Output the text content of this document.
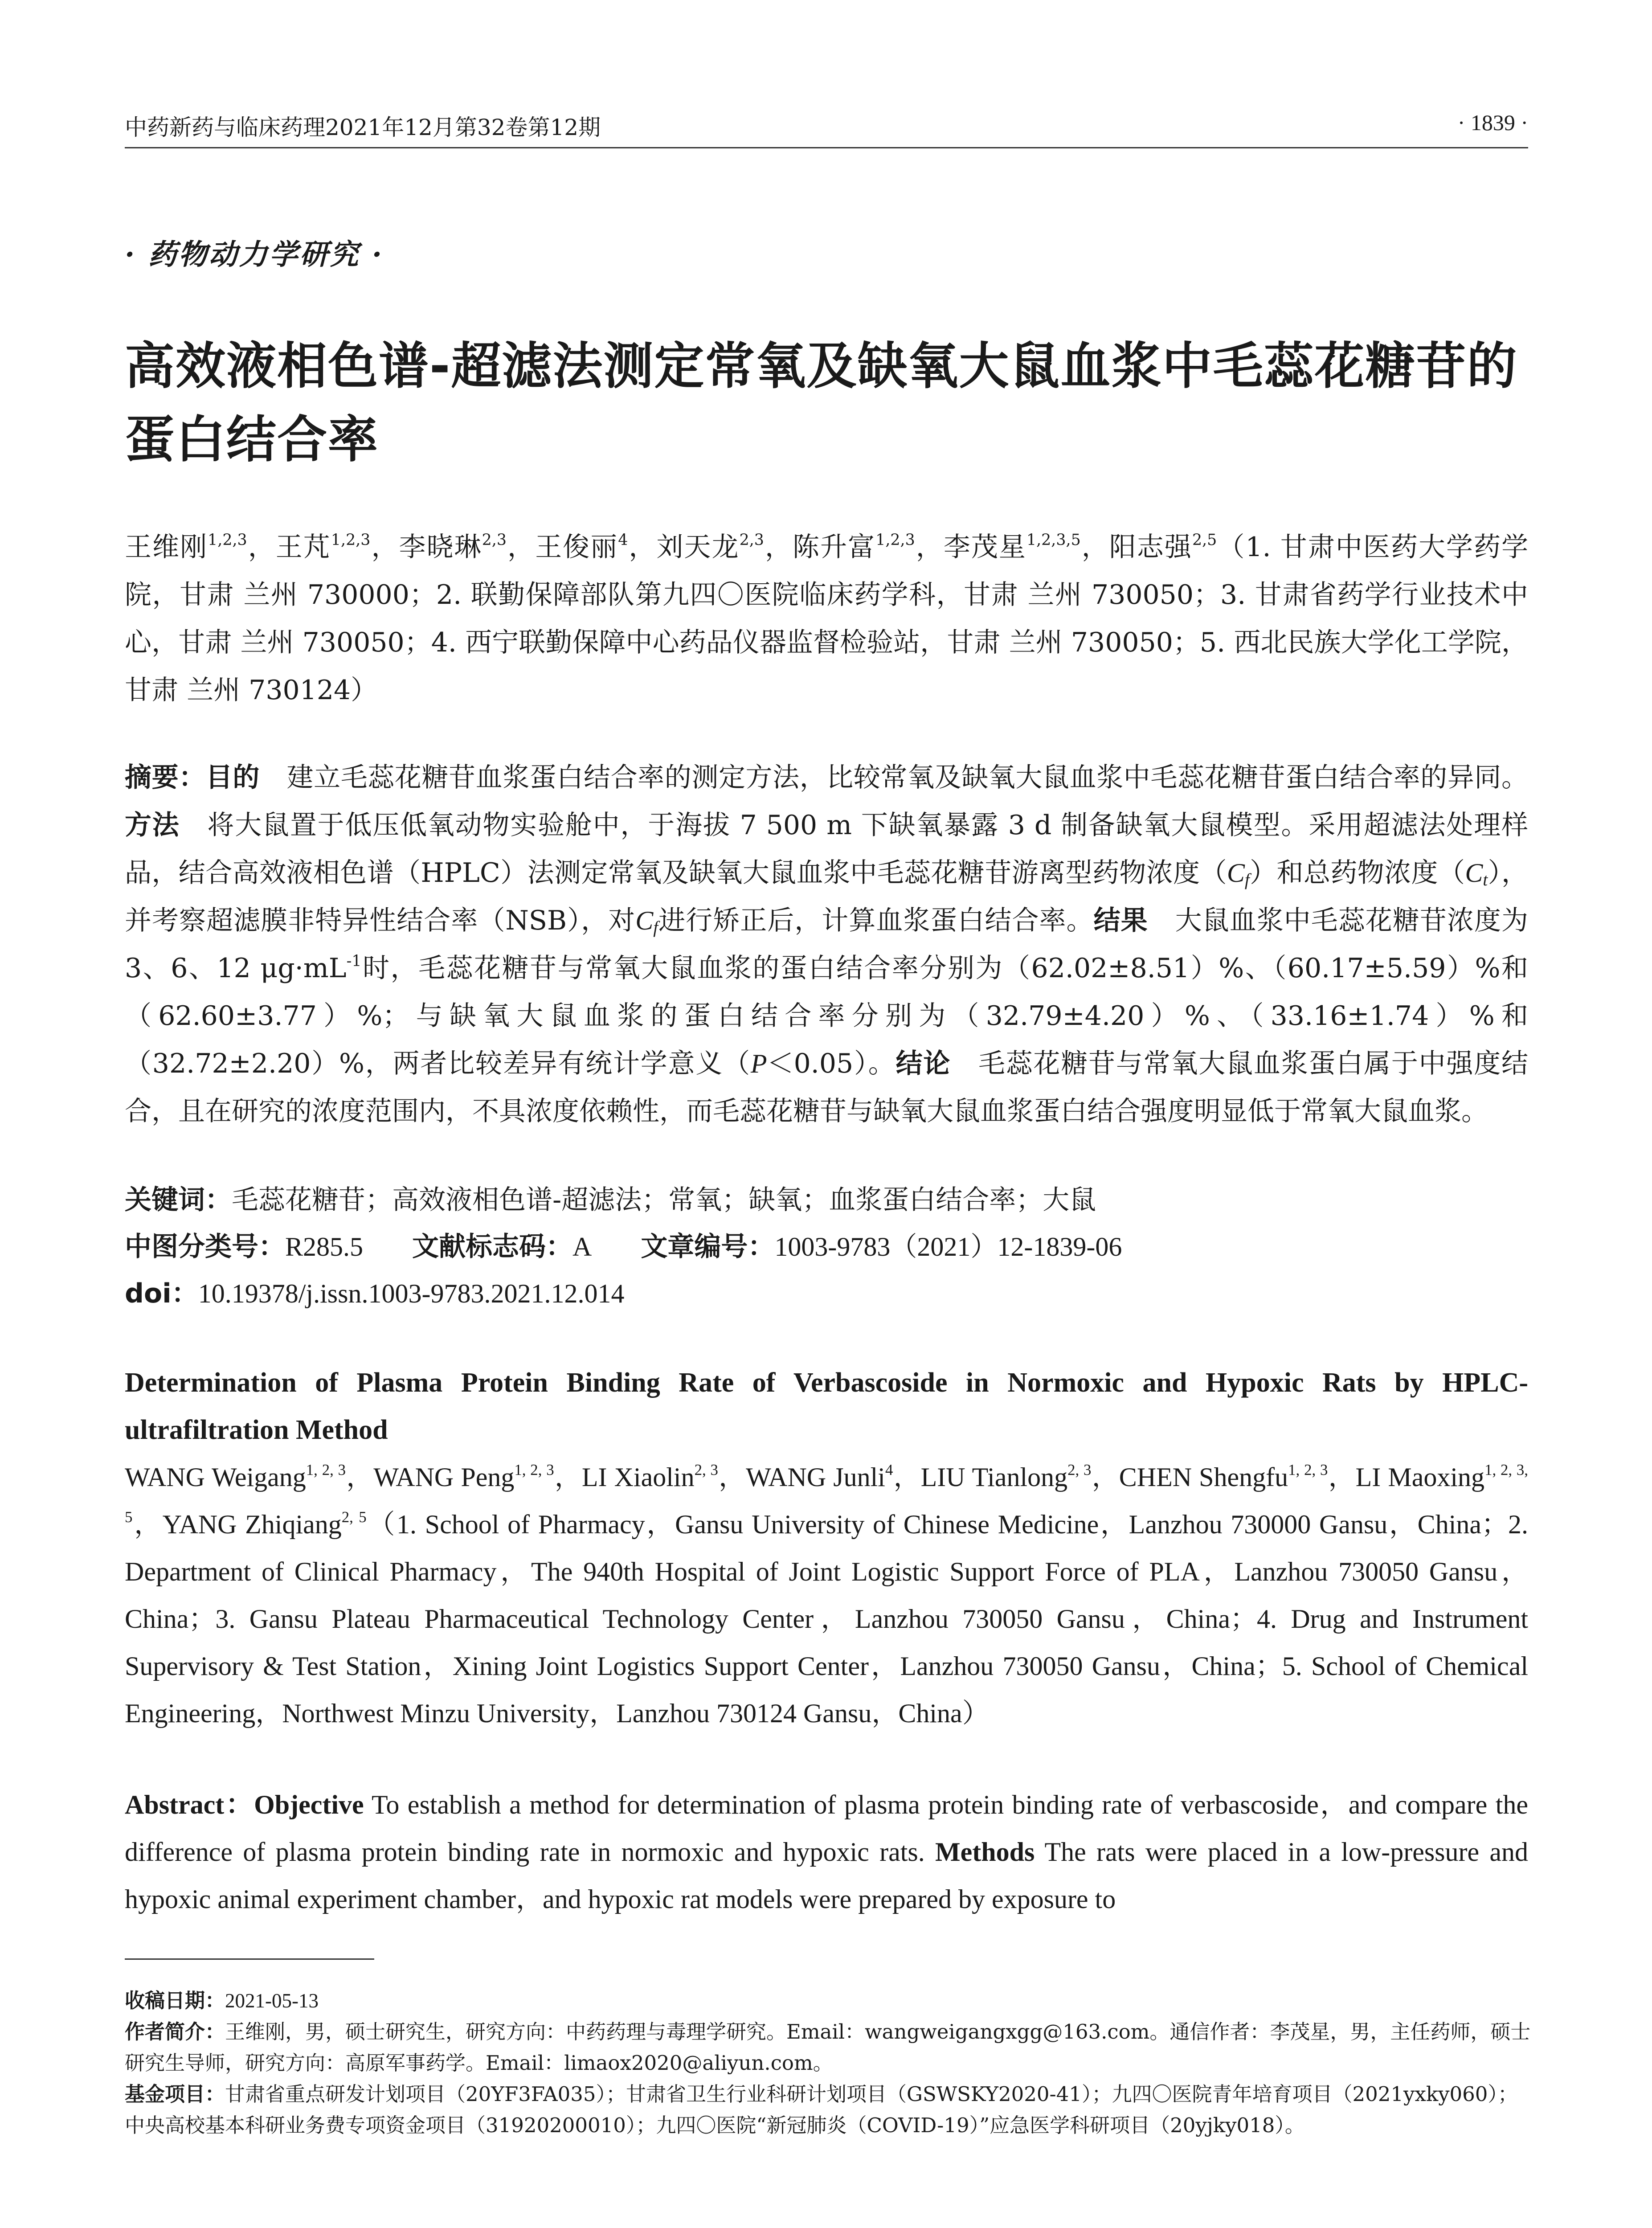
中药新药与临床药理2021年12月第32卷第12期	· 1839 ·
· 药物动力学研究 ·
高效液相色谱-超滤法测定常氧及缺氧大鼠血浆中毛蕊花糖苷的蛋白结合率
王维刚$^{1,2,3}$，王芃$^{1,2,3}$，李晓琳$^{2,3}$，王俊丽$^4$，刘天龙$^{2,3}$，陈升富$^{1,2,3}$，李茂星$^{1,2,3,5}$，阳志强$^{2,5}$（1. 甘肃中医药大学药学院，甘肃 兰州 730000；2. 联勤保障部队第九四〇医院临床药学科，甘肃 兰州 730050；3. 甘肃省药学行业技术中心，甘肃 兰州 730050；4. 西宁联勤保障中心药品仪器监督检验站，甘肃 兰州 730050；5. 西北民族大学化工学院，甘肃 兰州 730124）
摘要：目的　建立毛蕊花糖苷血浆蛋白结合率的测定方法，比较常氧及缺氧大鼠血浆中毛蕊花糖苷蛋白结合率的异同。方法　将大鼠置于低压低氧动物实验舱中，于海拔 7 500 m 下缺氧暴露 3 d 制备缺氧大鼠模型。采用超滤法处理样品，结合高效液相色谱（HPLC）法测定常氧及缺氧大鼠血浆中毛蕊花糖苷游离型药物浓度$(C_f)$和总药物浓度$(C_t)$，并考察超滤膜非特异性结合率（NSB），对$C_f$进行矫正后，计算血浆蛋白结合率。结果　大鼠血浆中毛蕊花糖苷浓度为 3、6、12 $\mu g\cdot mL^{-1}$时，毛蕊花糖苷与常氧大鼠血浆的蛋白结合率分别为（62.02±8.51）%、（60.17±5.59）%和（62.60±3.77）%；与缺氧大鼠血浆的蛋白结合率分别为（32.79±4.20）%、（33.16±1.74）%和（32.72±2.20）%，两者比较差异有统计学意义（P＜0.05）。结论　毛蕊花糖苷与常氧大鼠血浆蛋白属于中强度结合，且在研究的浓度范围内，不具浓度依赖性，而毛蕊花糖苷与缺氧大鼠血浆蛋白结合强度明显低于常氧大鼠血浆。
关键词：毛蕊花糖苷；高效液相色谱-超滤法；常氧；缺氧；血浆蛋白结合率；大鼠
中图分类号：R285.5 文献标志码：A 文章编号：1003-9783（2021）12-1839-06
doi：10.19378/j.issn.1003-9783.2021.12.014
Determination of Plasma Protein Binding Rate of Verbascoside in Normoxic and Hypoxic Rats by HPLC-ultrafiltration Method
WANG Weigang$^{1, 2, 3}$，WANG Peng$^{1, 2, 3}$，LI Xiaolin$^{2, 3}$，WANG Junli$^4$，LIU Tianlong$^{2, 3}$，CHEN Shengfu$^{1, 2, 3}$，LI Maoxing$^{1, 2, 3, 5}$，YANG Zhiqiang$^{2, 5}$（1. School of Pharmacy，Gansu University of Chinese Medicine，Lanzhou 730000 Gansu，China；2. Department of Clinical Pharmacy，The 940th Hospital of Joint Logistic Support Force of PLA，Lanzhou 730050 Gansu，China；3. Gansu Plateau Pharmaceutical Technology Center，Lanzhou 730050 Gansu，China；4. Drug and Instrument Supervisory & Test Station，Xining Joint Logistics Support Center，Lanzhou 730050 Gansu，China；5. School of Chemical Engineering，Northwest Minzu University，Lanzhou 730124 Gansu，China）
Abstract：Objective To establish a method for determination of plasma protein binding rate of verbascoside，and compare the difference of plasma protein binding rate in normoxic and hypoxic rats. Methods The rats were placed in a low-pressure and hypoxic animal experiment chamber，and hypoxic rat models were prepared by exposure to
收稿日期：2021-05-13
作者简介：王维刚，男，硕士研究生，研究方向：中药药理与毒理学研究。Email：wangweigangxgg@163.com。通信作者：李茂星，男，主任药师，硕士研究生导师，研究方向：高原军事药学。Email：limaox2020@aliyun.com。
基金项目：甘肃省重点研发计划项目（20YF3FA035）；甘肃省卫生行业科研计划项目（GSWSKY2020-41）；九四〇医院青年培育项目（2021yxky060）；中央高校基本科研业务费专项资金项目（31920200010）；九四〇医院“新冠肺炎（COVID-19）”应急医学科研项目（20yjky018）。
